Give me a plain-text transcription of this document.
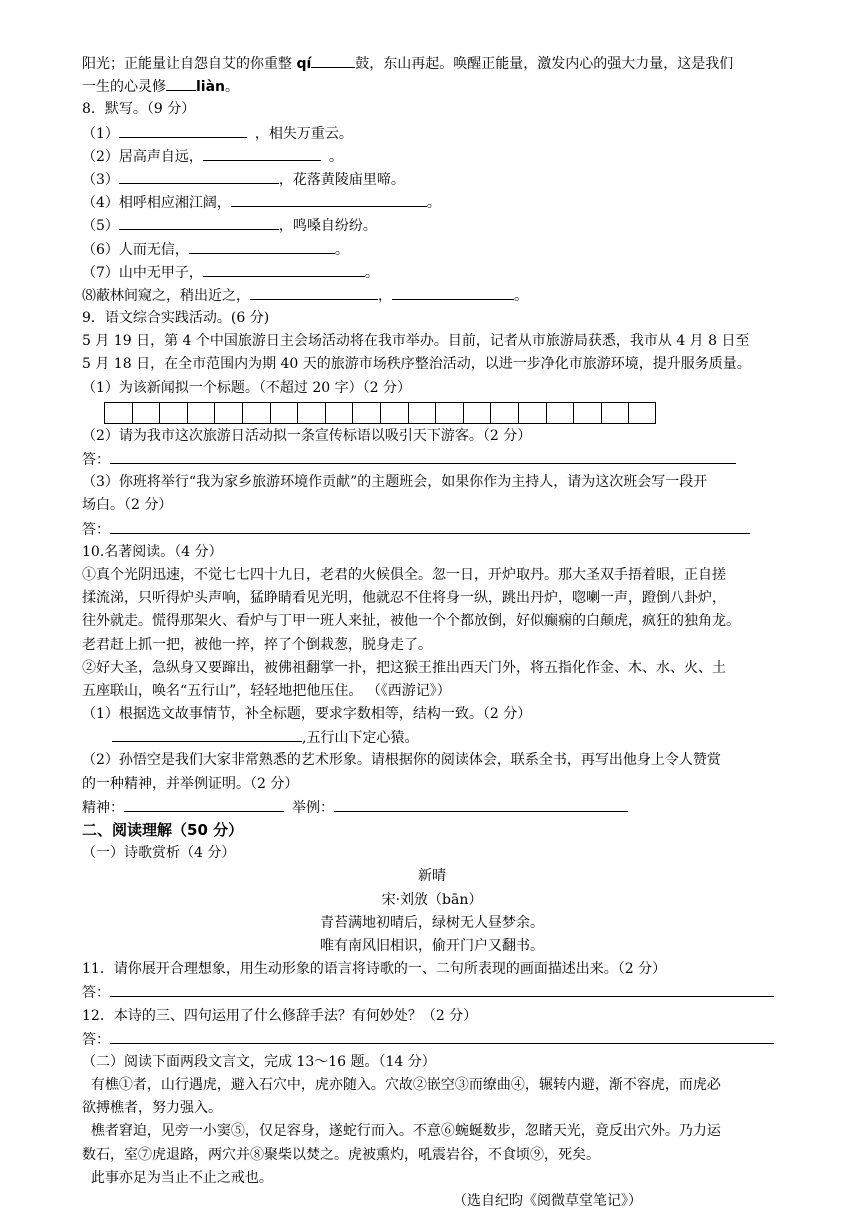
阳光；正能量让自怨自艾的你重整 qí	鼓，东山再起。唤醒正能量，激发内心的强大力量，这是我们
一生的心灵修 liàn。
8．默写。（9 分）
（1）	，相失万重云。
（2）居高声自远，	。
（3）	，花落黄陵庙里啼。
（4）相呼相应湘江阔，	。
（5）	，鸣嗓自纷纷。
（6）人而无信，	。
（7）山中无甲子，	。
⑻蔽林间窥之，稍出近之，	，	。
9．语文综合实践活动。(6 分)
5 月 19 日，第 4 个中国旅游日主会场活动将在我市举办。目前，记者从市旅游局获悉，我市从 4 月 8 日至
5 月 18 日，在全市范围内为期 40 天的旅游市场秩序整治活动，以进一步净化市旅游环境，提升服务质量。
（1）为该新闻拟一个标题。（不超过 20 字）（2 分）
（2）请为我市这次旅游日活动拟一条宣传标语以吸引天下游客。（2 分）
答：
（3）你班将举行“我为家乡旅游环境作贡献”的主题班会，如果你作为主持人，请为这次班会写一段开
场白。（2 分）
答：
10.名著阅读。（4 分）
①真个光阴迅速，不觉七七四十九日，老君的火候俱全。忽一日，开炉取丹。那大圣双手捂着眼，正自搓
揉流涕，只听得炉头声响，猛睁睛看见光明，他就忍不住将身一纵，跳出丹炉，唿喇一声，蹬倒八卦炉，
往外就走。慌得那架火、看炉与丁甲一班人来扯，被他一个个都放倒，好似癫痫的白颠虎，疯狂的独角龙。
老君赶上抓一把，被他一捽，捽了个倒栽葱，脱身走了。
②好大圣，急纵身又要蹿出，被佛祖翻掌一扑，把这猴王推出西天门外，将五指化作金、木、水、火、土
五座联山，唤名“五行山”，轻轻地把他压住。 （《西游记》）
（1）根据选文故事情节，补全标题，要求字数相等，结构一致。（2 分）
,五行山下定心猿。
（2）孙悟空是我们大家非常熟悉的艺术形象。请根据你的阅读体会，联系全书，再写出他身上令人赞赏
的一种精神，并举例证明。（2 分）
精神：	举例：
二、阅读理解（50 分）
（一）诗歌赏析（4 分）
新晴
宋·刘攽（bān）
青苔满地初晴后，绿树无人昼梦余。
唯有南风旧相识，偷开门户又翻书。
11．请你展开合理想象，用生动形象的语言将诗歌的一、二句所表现的画面描述出来。（2 分）
答：
12．本诗的三、四句运用了什么修辞手法？有何妙处？（2 分）
答：
（二）阅读下面两段文言文，完成 13～16 题。（14 分）
有樵①者，山行遇虎，避入石穴中，虎亦随入。穴故②嵌空③而缭曲④，辗转内避，渐不容虎，而虎必
欲搏樵者，努力强入。
樵者窘迫，见旁一小窦⑤，仅足容身，遂蛇行而入。不意⑥蜿蜒数步，忽睹天光，竟反出穴外。乃力运
数石，室⑦虎退路，两穴并⑧聚柴以焚之。虎被熏灼，吼震岩谷，不食顷⑨，死矣。
此事亦足为当止不止之戒也。
（选自纪昀《阅微草堂笔记》）
